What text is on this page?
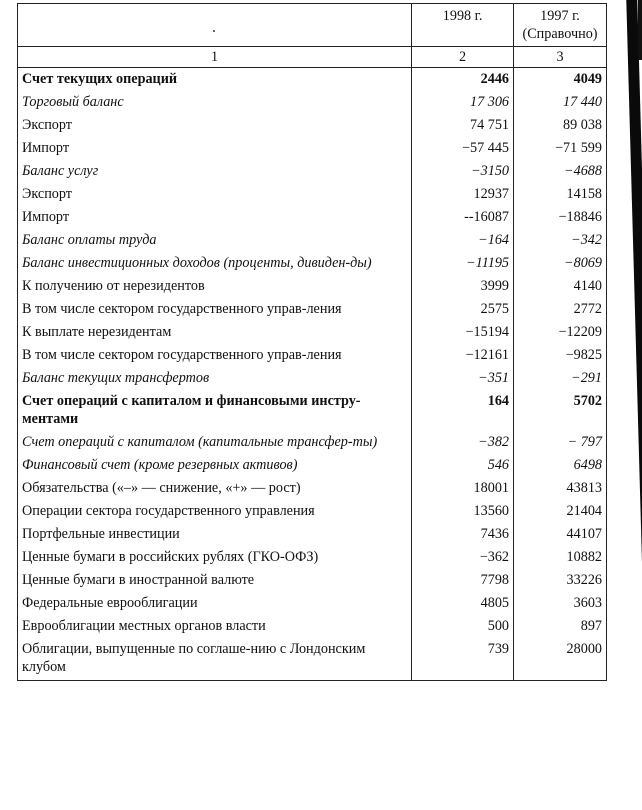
	1998 г.	1997 г.
(Справочно)
1	2	3
Счет текущих операций	2446	4049
Торговый баланс	17 306	17 440
Экспорт	74 751	89 038
Импорт	−57 445	−71 599
Баланс услуг	−3150	−4688
Экспорт	12937	14158
Импорт	--16087	−18846
Баланс оплаты труда	−164	−342
Баланс инвестиционных доходов (проценты, дивиден-ды)	−11195	−8069
К получению от нерезидентов	3999	4140
В том числе сектором государственного управ-ления	2575	2772
К выплате нерезидентам	−15194	−12209
В том числе сектором государственного управ-ления	−12161	−9825
Баланс текущих трансфертов	−351	−291
Счет операций с капиталом и финансовыми инстру-ментами	164	5702
Счет операций с капиталом (капитальные трансфер-ты)	−382	− 797
Финансовый счет (кроме резервных активов)	546	6498
Обязательства («–» — снижение, «+» — рост)	18001	43813
Операции сектора государственного управления	13560	21404
Портфельные инвестиции	7436	44107
Ценные бумаги в российских рублях (ГКО-ОФЗ)	−362	10882
Ценные бумаги в иностранной валюте	7798	33226
Федеральные еврооблигации	4805	3603
Еврооблигации местных органов власти	500	897
Облигации, выпущенные по соглаше-нию с Лондонским клубом	739	28000
